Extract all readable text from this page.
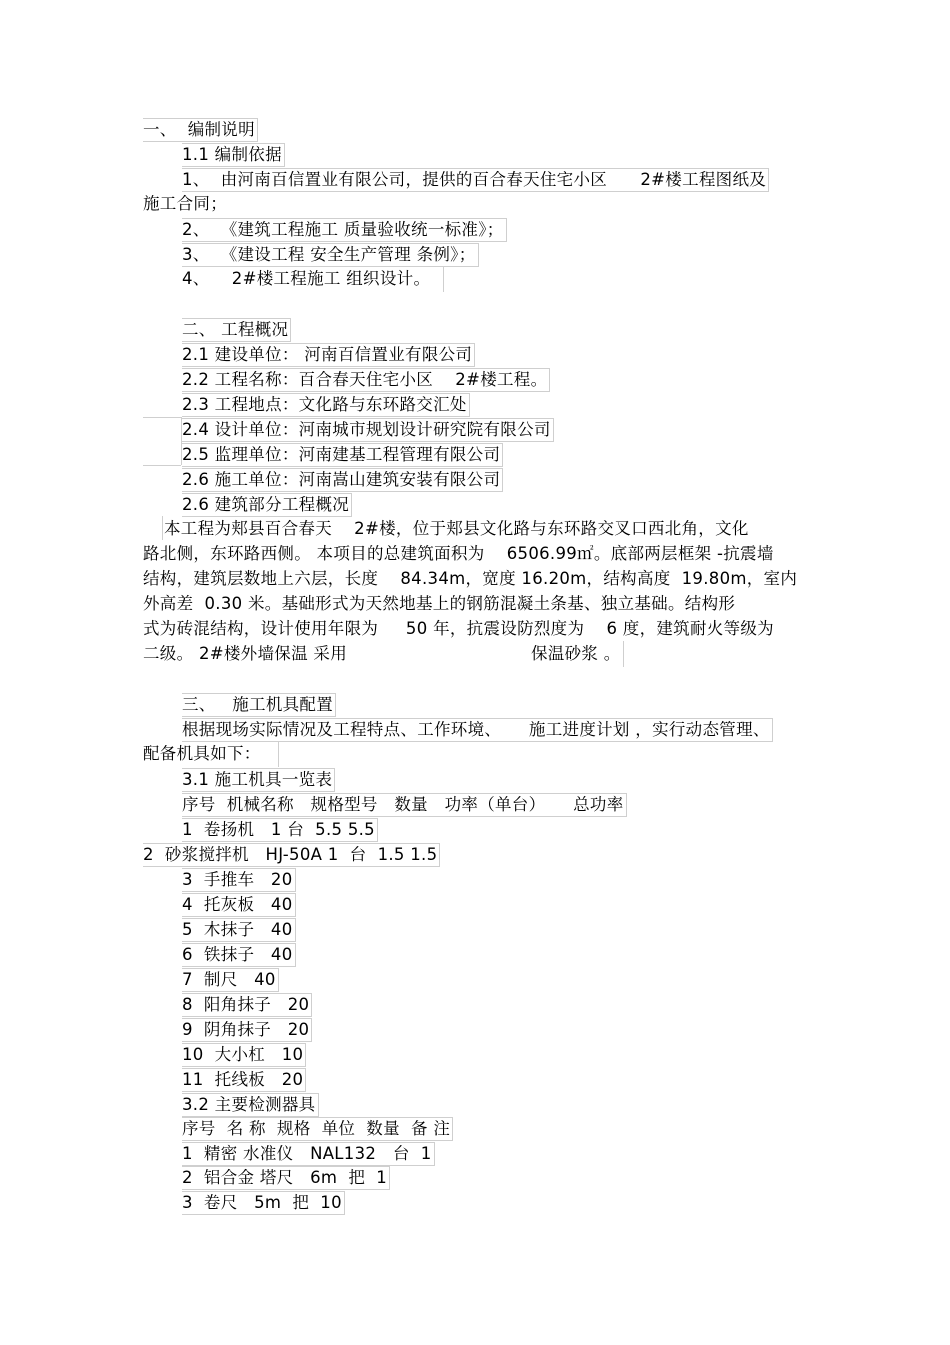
一、  编制说明
1.1 编制依据
1、  由河南百信置业有限公司，提供的百合春天住宅小区      2#楼工程图纸及
施工合同；
2、  《建筑工程施工 质量验收统一标准》；
3、  《建设工程 安全生产管理 条例》；
4、    2#楼工程施工 组织设计。
二、 工程概况
2.1 建设单位： 河南百信置业有限公司
2.2 工程名称：百合春天住宅小区    2#楼工程。
2.3 工程地点：文化路与东环路交汇处
2.4 设计单位：河南城市规划设计研究院有限公司
2.5 监理单位：河南建基工程管理有限公司
2.6 施工单位：河南嵩山建筑安装有限公司
2.6 建筑部分工程概况
本工程为郏县百合春天    2#楼，位于郏县文化路与东环路交叉口西北角，文化
路北侧，东环路西侧。 本项目的总建筑面积为    6506.99㎡。底部两层框架 -抗震墙
结构，建筑层数地上六层，长度    84.34m，宽度 16.20m，结构高度  19.80m，室内
外高差  0.30 米。基础形式为天然地基上的钢筋混凝土条基、独立基础。结构形
式为砖混结构，设计使用年限为     50 年，抗震设防烈度为    6 度，建筑耐火等级为
二级。 2#楼外墙保温 采用	保温砂浆 。
三、   施工机具配置
根据现场实际情况及工程特点、工作环境、     施工进度计划 ，实行动态管理、
配备机具如下：
3.1 施工机具一览表
序号  机械名称   规格型号   数量   功率（单台）     总功率
1  卷扬机   1 台  5.5 5.5
2  砂浆搅拌机   HJ-50A 1  台  1.5 1.5
3  手推车   20
4  托灰板   40
5  木抹子   40
6  铁抹子   40
7  制尺   40
8  阳角抹子   20
9  阴角抹子   20
10  大小杠   10
11  托线板   20
3.2 主要检测器具
序号  名 称  规格  单位  数量  备 注
1  精密 水准仪   NAL132   台  1
2  铝合金 塔尺   6m  把  1
3  卷尺   5m  把  10
